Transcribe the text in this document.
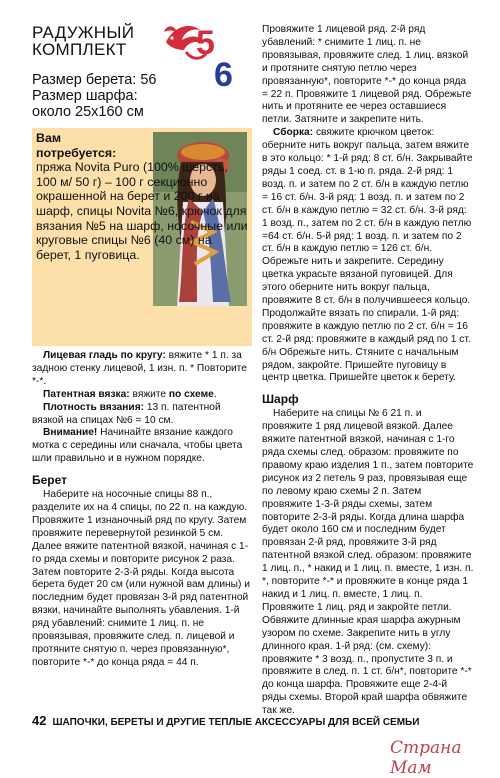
РАДУЖНЫЙ
КОМПЛЕКТ 5
6
Размер берета: 56
Размер шарфа:
около 25х160 см
Вам
потребуется:
пряжа Novita Puro (100% шерсть, 100 м/ 50 г) – 100 г секционно окрашенной на берет и 200 г на шарф, спицы Novita №6, крючок для вязания №5 на шарф, носочные или круговые спицы №6 (40 см) на берет, 1 пуговица.

Лицевая гладь по кругу: вяжите * 1 п. за задною стенку лицевой, 1 изн. п. * Повторите *-*.

Патентная вязка: вяжите по схеме.

Плотность вязания: 13 п. патентной вязкой на спицах №6 = 10 см.

Внимание! Начинайте вязание каждого мотка с середины или сначала, чтобы цвета шли правильно и в нужном порядке.

Берет

Наберите на носочные спицы 88 п., разделите их на 4 спицы, по 22 п. на каждую. Провяжите 1 изнаночный ряд по кругу. Затем провяжите перевернутой резинкой 5 см. Далее вяжите патентной вязкой, начиная с 1-го ряда схемы и повторите рисунок 2 раза. Затем повторите 2-3-й ряды. Когда высота берета будет 20 см (или нужной вам длины) и последним будет провязан 3-й ряд патентной вязки, начинайте выполнять убавления. 1-й ряд убавлений: снимите 1 лиц. п. не провязывая, провяжите след. п. лицевой и протяните снятую п. через провязанную*, повторите *-* до конца ряда = 44 п.

Провяжите 1 лицевой ряд. 2-й ряд убавлений: * снимите 1 лиц. п. не провязывая, провяжите след. 1 лиц. вязкой и протяните снятую петлю через провязанную*, повторите *-* до конца ряда = 22 п. Провяжите 1 лицевой ряд. Обрежьте нить и протяните ее через оставшиеся петли. Затяните и закрепите нить.

Сборка: свяжите крючком цветок: оберните нить вокруг пальца, затем вяжите в это кольцо: * 1-й ряд: 8 ст. б/н. Закрывайте ряды 1 соед. ст. в 1-ю п. ряда. 2-й ряд: 1 возд. п. и затем по 2 ст. б/н в каждую петлю = 16 ст. б/н. 3-й ряд: 1 возд. п. и затем по 2 ст. б/н в каждую петлю = 32 ст. б/н. 3-й ряд: 1 возд. п., затем по 2 ст. б/н в каждую петлю =64 ст. б/н. 5-й ряд: 1 возд. п. и затем по 2 ст. б/н в каждую петлю = 126 ст. б/н. Обрежьте нить и закрепите. Середину цветка украсьте вязаной пуговицей. Для этого оберните нить вокруг пальца, провяжите 8 ст. б/н в получившееся кольцо. Продолжайте вязать по спирали. 1-й ряд: провяжите в каждую петлю по 2 ст. б/н = 16 ст. 2-й ряд: провяжите в каждый ряд по 1 ст. б/н Обрежьте нить. Стяните с начальным рядом, закройте. Пришейте пуговицу в центр цветка. Пришейте цветок к берету.

Шарф

Наберите на спицы № 6 21 п. и провяжите 1 ряд лицевой вязкой. Далее вяжите патентной вязкой, начиная с 1-го ряда схемы след. образом: провяжите по правому краю изделия 1 п., затем повторите рисунок из 2 петель 9 раз, провязывая еще по левому краю схемы 2 п. Затем провяжите 1-3-й ряды схемы, затем повторите 2-3-й ряды. Когда длина шарфа будет около 160 см и последним будет провязан 2-й ряд, провяжите 3-й ряд патентной вязкой след. образом: провяжите 1 лиц. п., * накид и 1 лиц. п. вместе, 1 изн. п. *, повторите *-* и провяжите в конце ряда 1 накид и 1 лиц. п. вместе, 1 лиц. п. Провяжите 1 лиц. ряд и закройте петли. Обвяжите длинные края шарфа ажурным узором по схеме. Закрепите нить в углу длинного края. 1-й ряд: (см. схему): провяжите * 3 возд. п., пропустите 3 п. и провяжите в след. п. 1 ст. б/н*, повторите *-* до конца шарфа. Провяжите еще 2-4-й ряды схемы. Второй край шарфа обвяжите так же.

42 ШАПОЧКИ, БЕРЕТЫ И ДРУГИЕ ТЕПЛЫЕ АКСЕССУАРЫ ДЛЯ ВСЕЙ СЕМЬИ
Страна Мам
